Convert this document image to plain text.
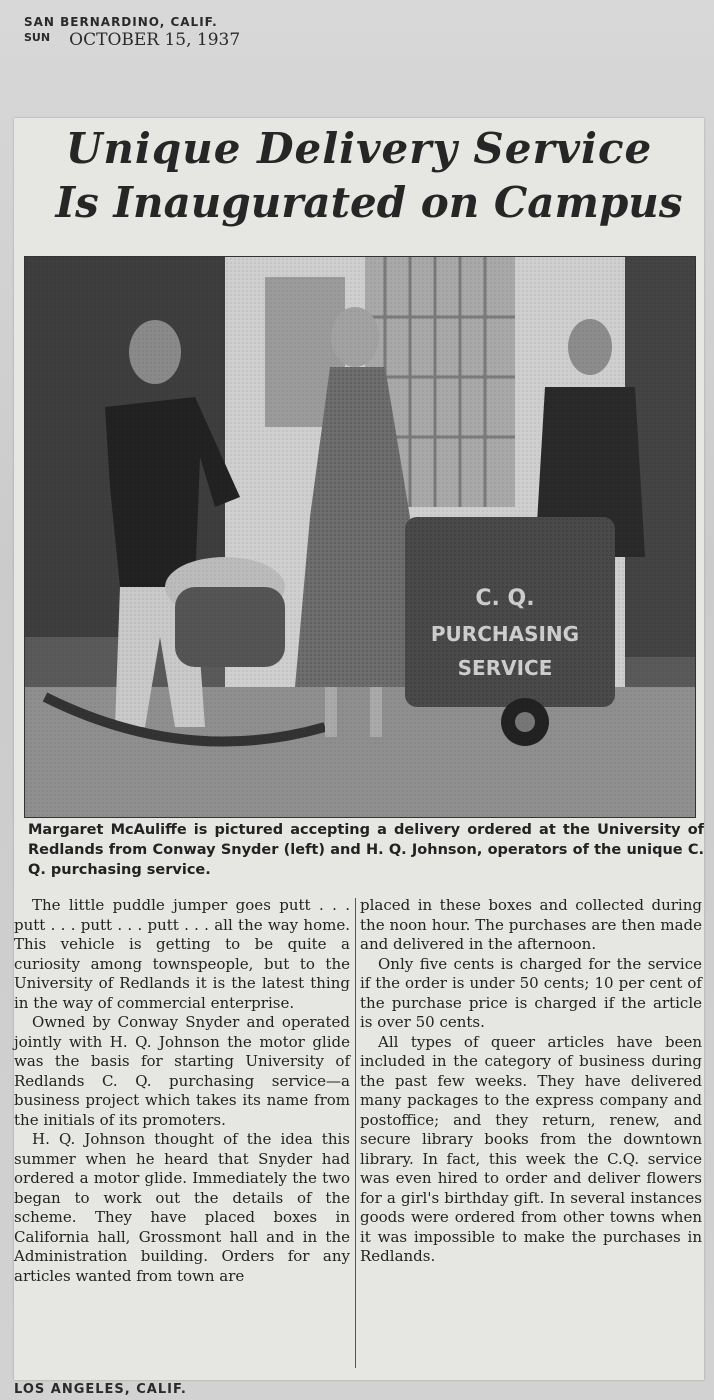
SAN BERNARDINO, CALIF.
SUN OCTOBER 15, 1937
Unique Delivery Service
Is Inaugurated on Campus
Margaret McAuliffe is pictured accepting a delivery ordered at the University of Redlands from Conway Snyder (left) and H. Q. Johnson, operators of the unique C. Q. purchasing service.

The little puddle jumper goes putt . . . putt . . . putt . . . putt . . . all the way home. This vehicle is getting to be quite a curiosity among townspeople, but to the University of Redlands it is the latest thing in the way of commercial enterprise.

Owned by Conway Snyder and operated jointly with H. Q. Johnson the motor glide was the basis for starting University of Redlands C. Q. purchasing service—a business project which takes its name from the initials of its promoters.

H. Q. Johnson thought of the idea this summer when he heard that Snyder had ordered a motor glide. Immediately the two began to work out the details of the scheme. They have placed boxes in California hall, Grossmont hall and in the Administration building. Orders for any articles wanted from town are

placed in these boxes and collected during the noon hour. The purchases are then made and delivered in the afternoon.

Only five cents is charged for the service if the order is under 50 cents; 10 per cent of the purchase price is charged if the article is over 50 cents.

All types of queer articles have been included in the category of business during the past few weeks. They have delivered many packages to the express company and postoffice; and they return, renew, and secure library books from the downtown library. In fact, this week the C.Q. service was even hired to order and deliver flowers for a girl's birthday gift. In several instances goods were ordered from other towns when it was impossible to make the purchases in Redlands.

LOS ANGELES, CALIF.
